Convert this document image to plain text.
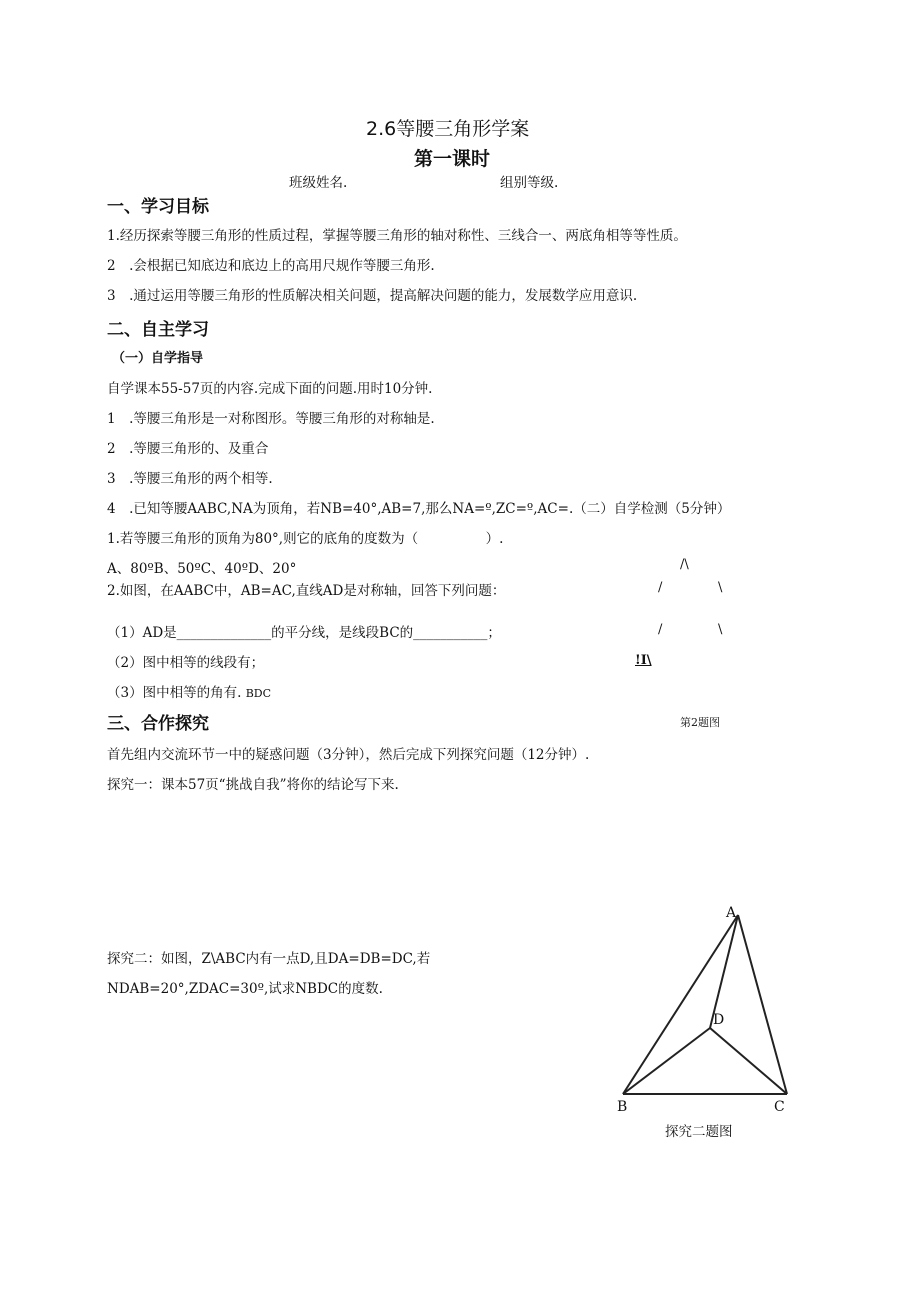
2.6等腰三角形学案
第一课时
班级姓名.	组别等级.
一、学习目标
1.经历探索等腰三角形的性质过程，掌握等腰三角形的轴对称性、三线合一、两底角相等等性质。
2　.会根据已知底边和底边上的高用尺规作等腰三角形.
3　.通过运用等腰三角形的性质解决相关问题，提高解决问题的能力，发展数学应用意识.
二、自主学习
（一）自学指导
自学课本55-57页的内容.完成下面的问题.用时10分钟.
1　.等腰三角形是一对称图形。等腰三角形的对称轴是.
2　.等腰三角形的、及重合
3　.等腰三角形的两个相等.
4　.已知等腰AABC,NA为顶角，若NB=40°,AB=7,那么NA=º,ZC=º,AC=.（二）自学检测（5分钟）
1.若等腰三角形的顶角为80°,则它的底角的度数为（　　　　　）.
A、80ºB、50ºC、40ºD、20°
2.如图，在AABC中，AB=AC,直线AD是对称轴，回答下列问题：
（1）AD是______________的平分线，是线段BC的___________；
（2）图中相等的线段有；
（3）图中相等的角有. BDC
/\
/	\
/	\
!I\
第2题图
三、合作探究
首先组内交流环节一中的疑惑问题（3分钟），然后完成下列探究问题（12分钟）.
探究一：课本57页“挑战自我”将你的结论写下来.
探究二：如图，Z\ABC内有一点D,且DA=DB=DC,若
NDAB=20°,ZDAC=30º,试求NBDC的度数.
A
D
B	C
探究二题图
